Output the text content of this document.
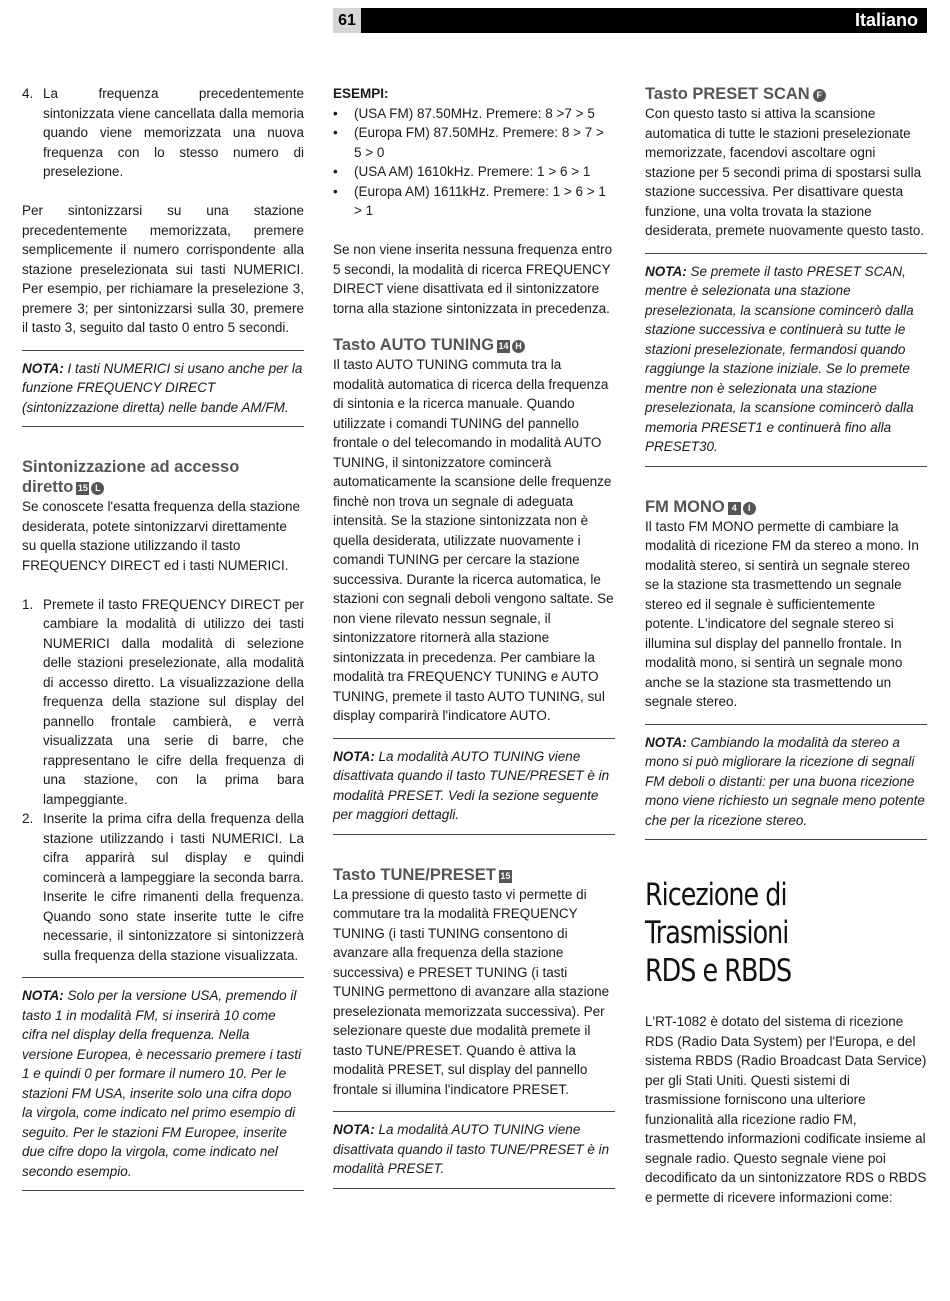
61	Italiano
4. La frequenza precedentemente sintonizzata viene cancellata dalla memoria quando viene memorizzata una nuova frequenza con lo stesso numero di preselezione.

Per sintonizzarsi su una stazione precedentemente memorizzata, premere semplicemente il numero corrispondente alla stazione preselezionata sui tasti NUMERICI. Per esempio, per richiamare la preselezione 3, premere 3; per sintonizzarsi sulla 30, premere il tasto 3, seguito dal tasto 0 entro 5 secondi.

NOTA: I tasti NUMERICI si usano anche per la funzione FREQUENCY DIRECT (sintonizzazione diretta) nelle bande AM/FM.
Sintonizzazione ad accesso
diretto 15 L

Se conoscete l'esatta frequenza della stazione desiderata, potete sintonizzarvi direttamente su quella stazione utilizzando il tasto FREQUENCY DIRECT ed i tasti NUMERICI.

1. Premete il tasto FREQUENCY DIRECT per cambiare la modalità di utilizzo dei tasti NUMERICI dalla modalità di selezione delle stazioni preselezionate, alla modalità di accesso diretto. La visualizzazione della frequenza della stazione sul display del pannello frontale cambierà, e verrà visualizzata una serie di barre, che rappresentano le cifre della frequenza di una stazione, con la prima bara lampeggiante.
2. Inserite la prima cifra della frequenza della stazione utilizzando i tasti NUMERICI. La cifra apparirà sul display e quindi comincerà a lampeggiare la seconda barra. Inserite le cifre rimanenti della frequenza. Quando sono state inserite tutte le cifre necessarie, il sintonizzatore si sintonizzerà sulla frequenza della stazione visualizzata.
NOTA: Solo per la versione USA, premendo il tasto 1 in modalità FM, si inserirà 10 come cifra nel display della frequenza. Nella versione Europea, è necessario premere i tasti 1 e quindi 0 per formare il numero 10. Per le stazioni FM USA, inserite solo una cifra dopo la virgola, come indicato nel primo esempio di seguito. Per le stazioni FM Europee, inserite due cifre dopo la virgola, come indicato nel secondo esempio.
ESEMPI:
• (USA FM) 87.50MHz. Premere: 8 >7 > 5
• (Europa FM) 87.50MHz. Premere: 8 > 7 > 5 > 0
• (USA AM) 1610kHz. Premere: 1 > 6 > 1
• (Europa AM) 1611kHz. Premere: 1 > 6 > 1 > 1

Se non viene inserita nessuna frequenza entro 5 secondi, la modalità di ricerca FREQUENCY DIRECT viene disattivata ed il sintonizzatore torna alla stazione sintonizzata in precedenza.

Tasto AUTO TUNING 14 H

Il tasto AUTO TUNING commuta tra la modalità automatica di ricerca della frequenza di sintonia e la ricerca manuale. Quando utilizzate i comandi TUNING del pannello frontale o del telecomando in modalità AUTO TUNING, il sintonizzatore comincerà automaticamente la scansione delle frequenze finchè non trova un segnale di adeguata intensità. Se la stazione sintonizzata non è quella desiderata, utilizzate nuovamente i comandi TUNING per cercare la stazione successiva. Durante la ricerca automatica, le stazioni con segnali deboli vengono saltate. Se non viene rilevato nessun segnale, il sintonizzatore ritornerà alla stazione sintonizzata in precedenza. Per cambiare la modalità tra FREQUENCY TUNING e AUTO TUNING, premete il tasto AUTO TUNING, sul display comparirà l'indicatore AUTO.

NOTA: La modalità AUTO TUNING viene disattivata quando il tasto TUNE/PRESET è in modalità PRESET. Vedi la sezione seguente per maggiori dettagli.
Tasto TUNE/PRESET 15

La pressione di questo tasto vi permette di commutare tra la modalità FREQUENCY TUNING (i tasti TUNING consentono di avanzare alla frequenza della stazione successiva) e PRESET TUNING (i tasti TUNING permettono di avanzare alla stazione preselezionata memorizzata successiva). Per selezionare queste due modalità premete il tasto TUNE/PRESET. Quando è attiva la modalità PRESET, sul display del pannello frontale si illumina l'indicatore PRESET.

NOTA: La modalità AUTO TUNING viene disattivata quando il tasto TUNE/PRESET è in modalità PRESET.
Tasto PRESET SCAN F

Con questo tasto si attiva la scansione automatica di tutte le stazioni preselezionate memorizzate, facendovi ascoltare ogni stazione per 5 secondi prima di spostarsi sulla stazione successiva. Per disattivare questa funzione, una volta trovata la stazione desiderata, premete nuovamente questo tasto.

NOTA: Se premete il tasto PRESET SCAN, mentre è selezionata una stazione preselezionata, la scansione comincerò dalla stazione successiva e continuerà su tutte le stazioni preselezionate, fermandosi quando raggiunge la stazione iniziale. Se lo premete mentre non è selezionata una stazione preselezionata, la scansione comincerò dalla memoria PRESET1 e continuerà fino alla PRESET30.
FM MONO 4 I

Il tasto FM MONO permette di cambiare la modalità di ricezione FM da stereo a mono. In modalità stereo, si sentirà un segnale stereo se la stazione sta trasmettendo un segnale stereo ed il segnale è sufficientemente potente. L'indicatore del segnale stereo si illumina sul display del pannello frontale. In modalità mono, si sentirà un segnale mono anche se la stazione sta trasmettendo un segnale stereo.

NOTA: Cambiando la modalità da stereo a mono si può migliorare la ricezione di segnali FM deboli o distanti: per una buona ricezione mono viene richiesto un segnale meno potente che per la ricezione stereo.
Ricezione di Trasmissioni
RDS e RBDS

L'RT-1082 è dotato del sistema di ricezione RDS (Radio Data System) per l'Europa, e del sistema RBDS (Radio Broadcast Data Service) per gli Stati Uniti. Questi sistemi di trasmissione forniscono una ulteriore funzionalità alla ricezione radio FM, trasmettendo informazioni codificate insieme al segnale radio. Questo segnale viene poi decodificato da un sintonizzatore RDS o RBDS e permette di ricevere informazioni come:
